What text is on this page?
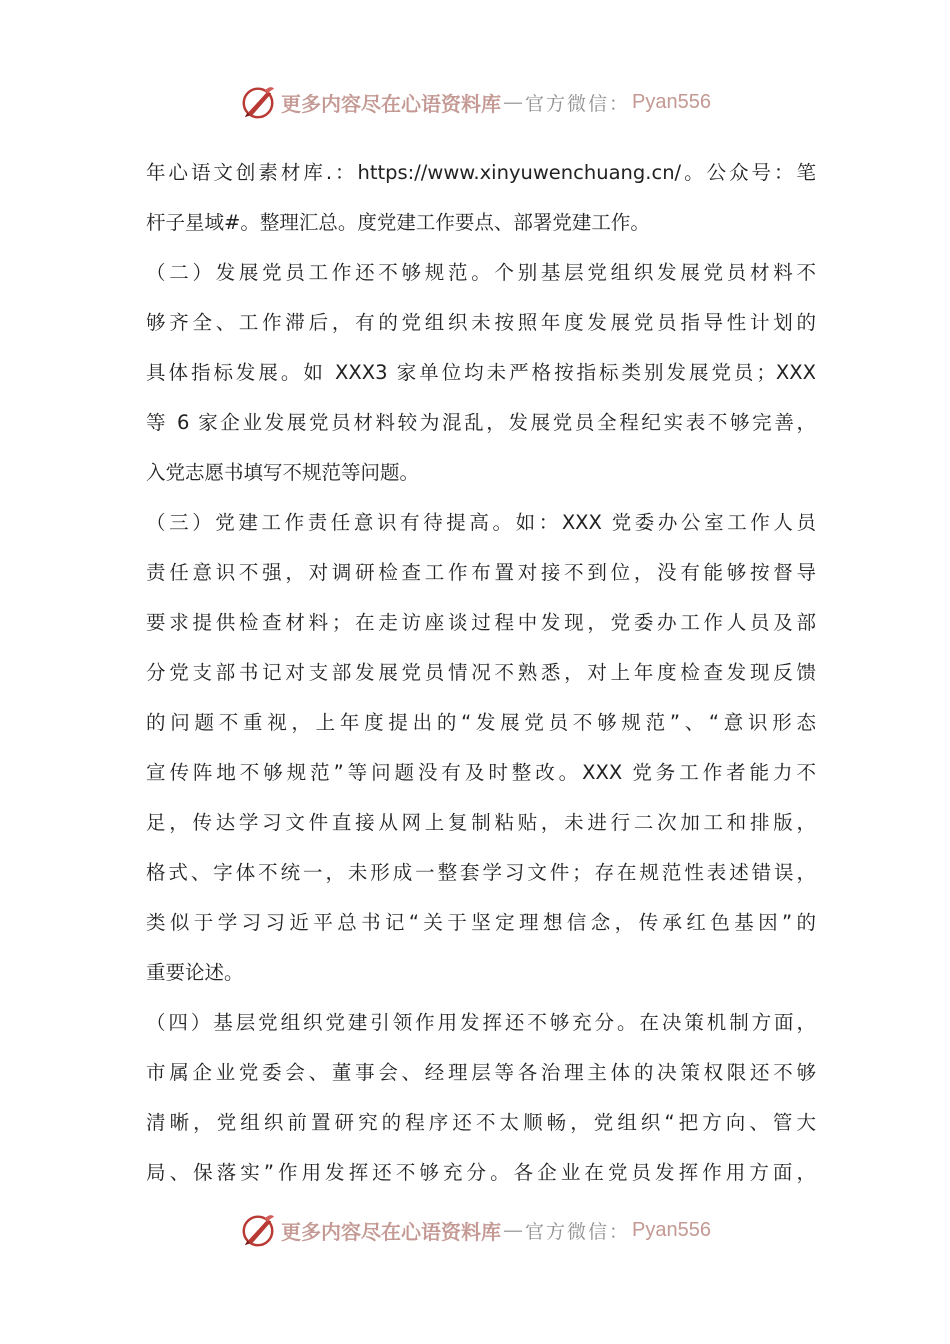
更多内容尽在心语资料库 — 官方微信： Pyan556
年心语文创素材库.：https://www.xinyuwenchuang.cn/。公众号：笔
杆子星域#。整理汇总。度党建工作要点、部署党建工作。
（二）发展党员工作还不够规范。个别基层党组织发展党员材料不
够齐全、工作滞后，有的党组织未按照年度发展党员指导性计划的
具体指标发展。如 XXX3 家单位均未严格按指标类别发展党员；XXX
等 6 家企业发展党员材料较为混乱，发展党员全程纪实表不够完善，
入党志愿书填写不规范等问题。
（三）党建工作责任意识有待提高。如：XXX 党委办公室工作人员
责任意识不强，对调研检查工作布置对接不到位，没有能够按督导
要求提供检查材料；在走访座谈过程中发现，党委办工作人员及部
分党支部书记对支部发展党员情况不熟悉，对上年度检查发现反馈
的问题不重视，上年度提出的“发展党员不够规范”、“意识形态
宣传阵地不够规范”等问题没有及时整改。XXX 党务工作者能力不
足，传达学习文件直接从网上复制粘贴，未进行二次加工和排版，
格式、字体不统一，未形成一整套学习文件；存在规范性表述错误，
类似于学习习近平总书记“关于坚定理想信念，传承红色基因”的
重要论述。
（四）基层党组织党建引领作用发挥还不够充分。在决策机制方面，
市属企业党委会、董事会、经理层等各治理主体的决策权限还不够
清晰，党组织前置研究的程序还不太顺畅，党组织“把方向、管大
局、保落实”作用发挥还不够充分。各企业在党员发挥作用方面，
更多内容尽在心语资料库 — 官方微信： Pyan556
